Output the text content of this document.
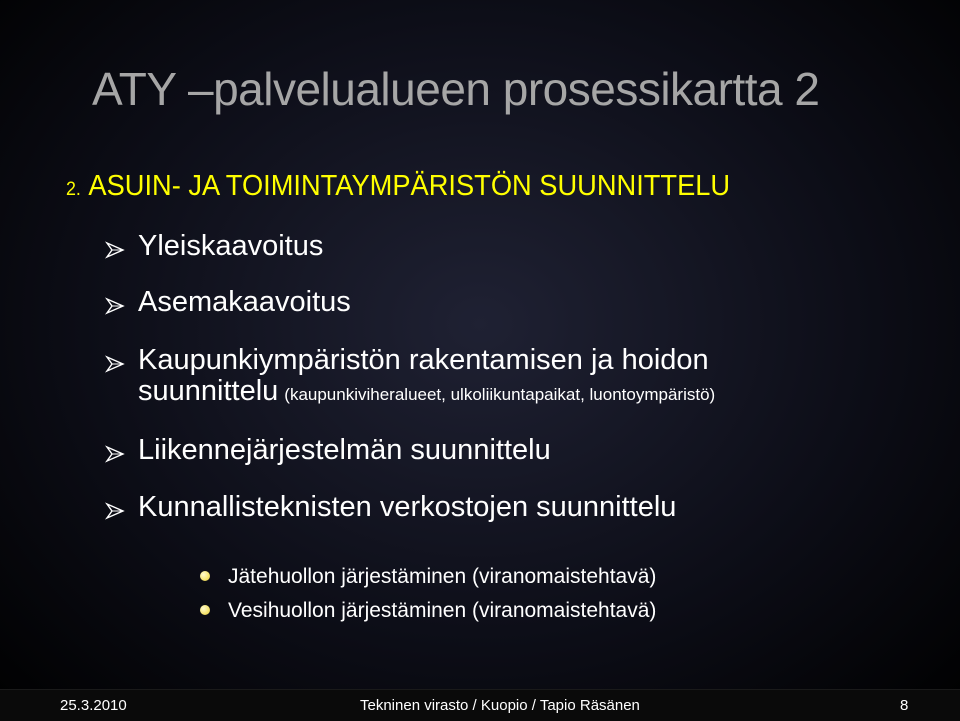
ATY –palvelualueen prosessikartta 2
2. ASUIN- JA TOIMINTAYMPÄRISTÖN SUUNNITTELU
Yleiskaavoitus
Asemakaavoitus
Kaupunkiympäristön rakentamisen ja hoidon
suunnittelu (kaupunkiviheralueet, ulkoliikuntapaikat, luontoympäristö)
Liikennejärjestelmän suunnittelu
Kunnallisteknisten verkostojen suunnittelu
Jätehuollon järjestäminen (viranomaistehtavä)
Vesihuollon järjestäminen (viranomaistehtavä)
25.3.2010	Tekninen virasto / Kuopio / Tapio Räsänen	8
